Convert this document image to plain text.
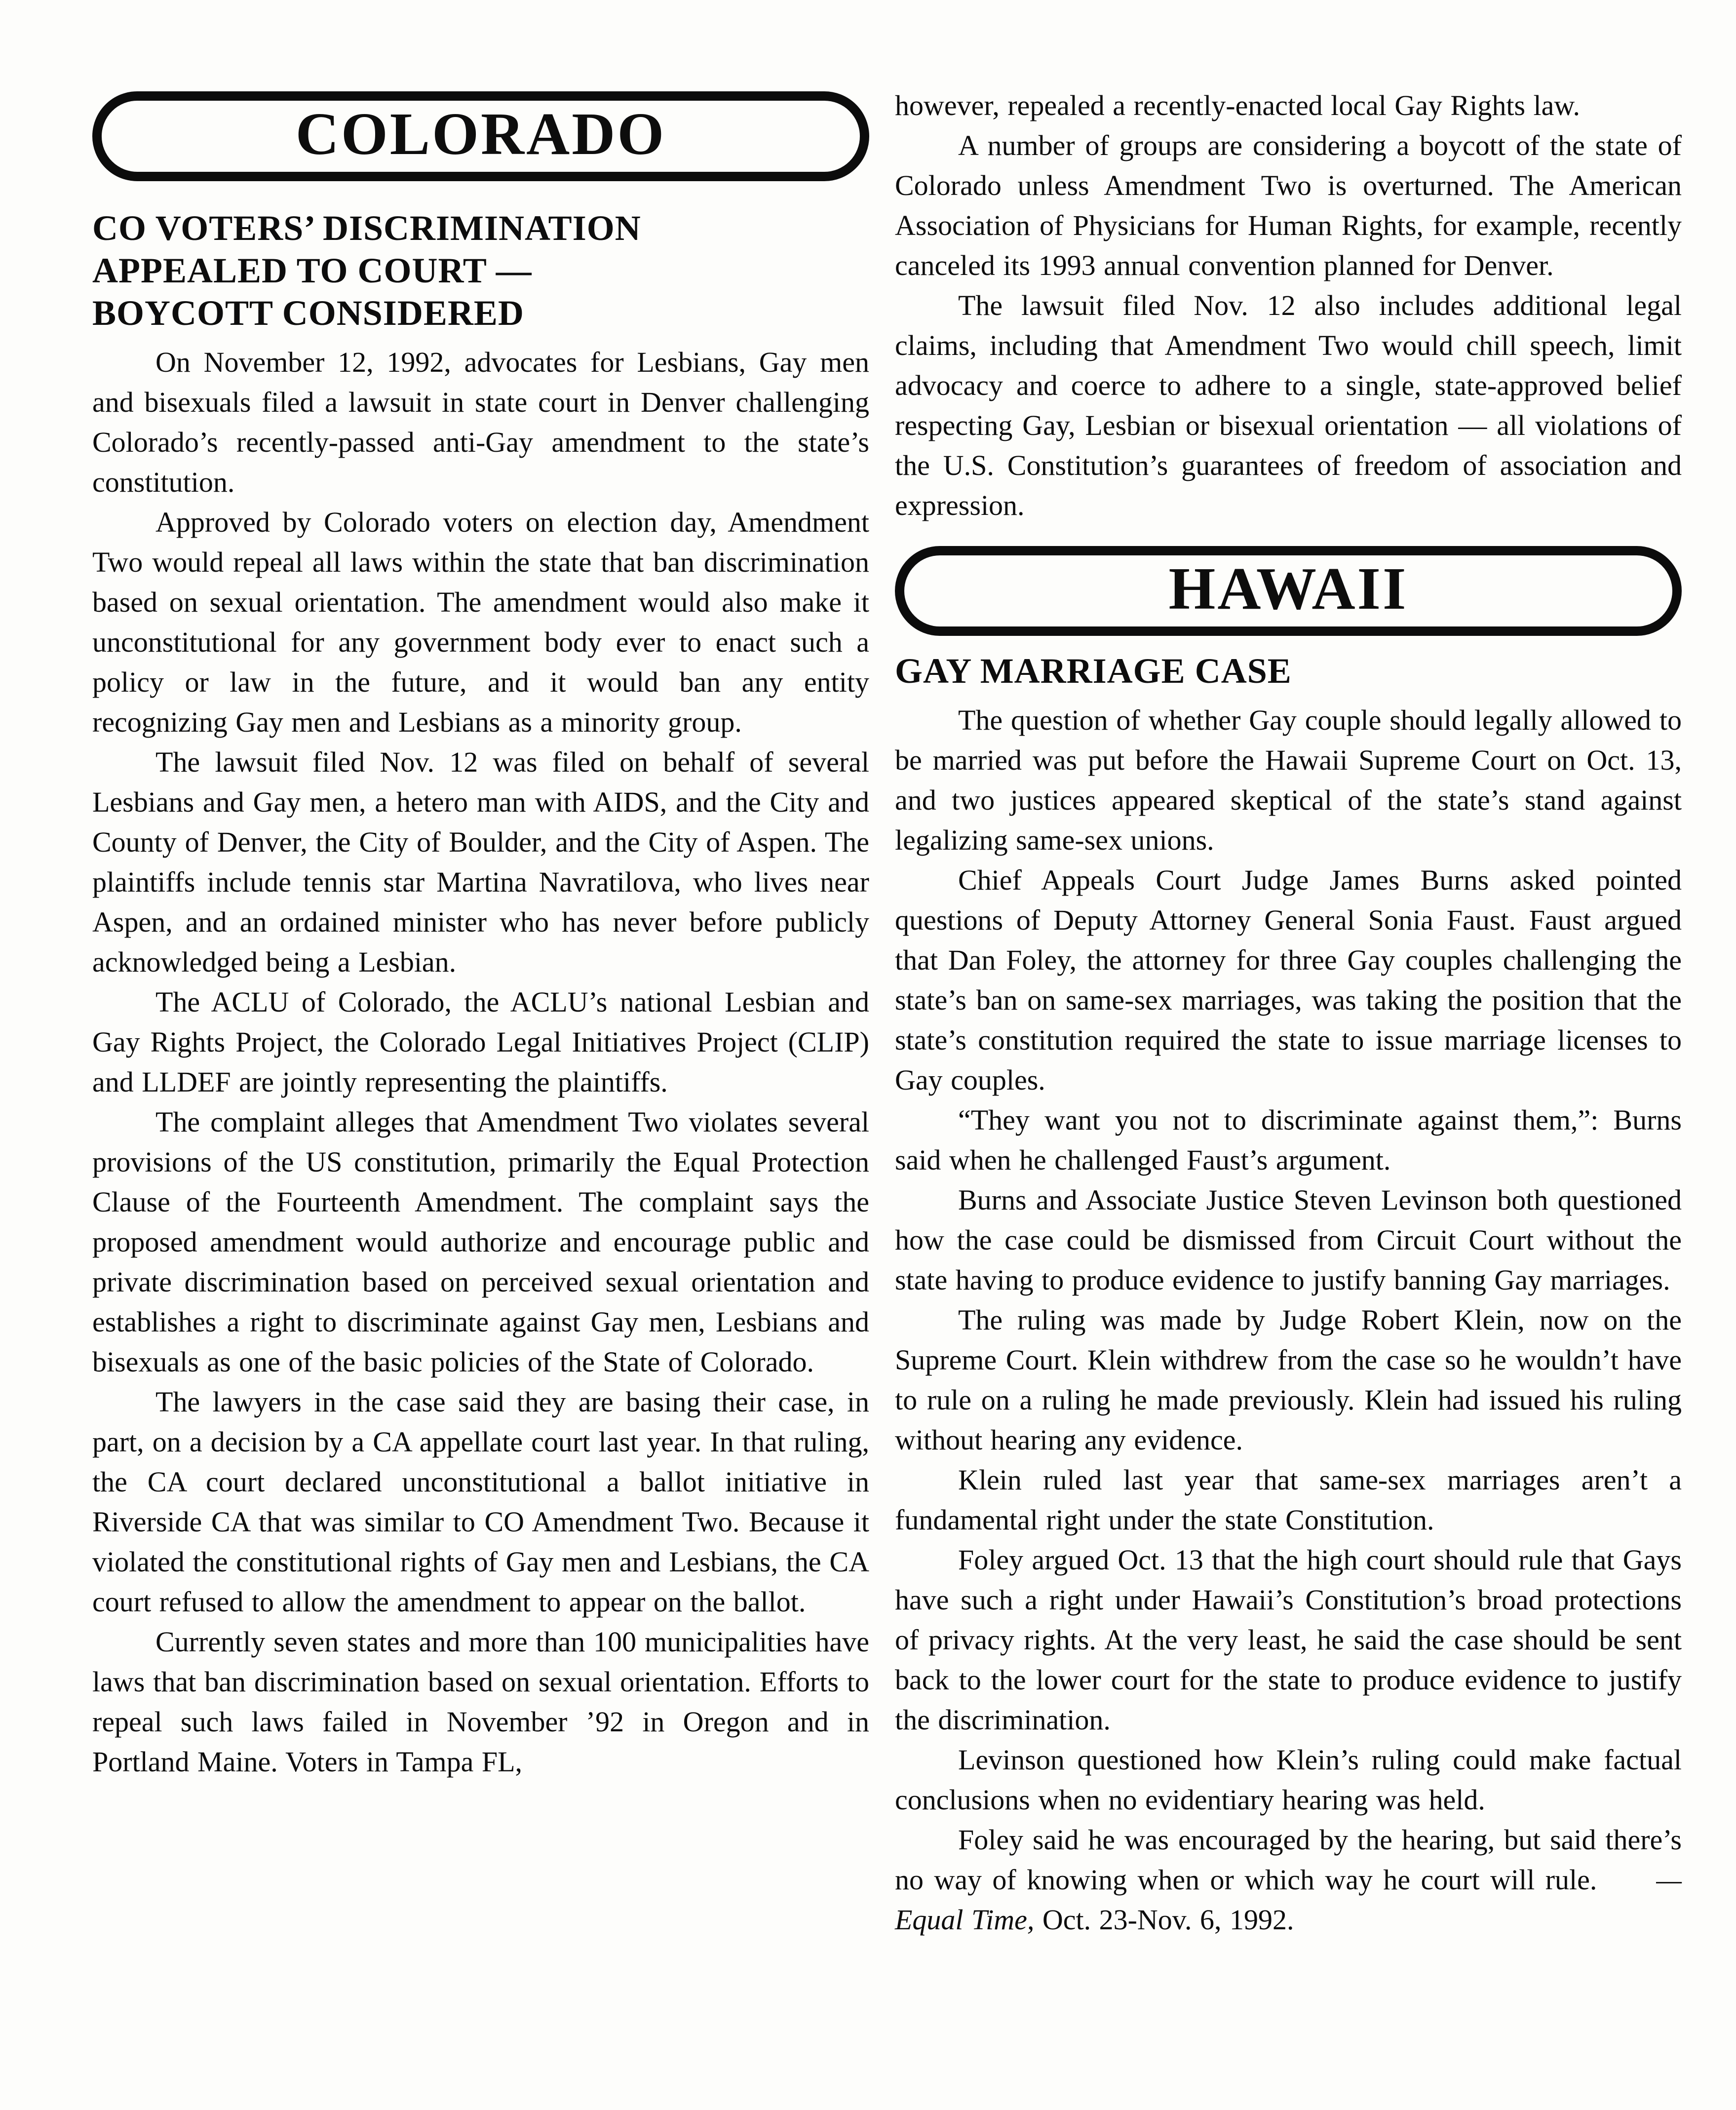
COLORADO
CO VOTERS’ DISCRIMINATION
APPEALED TO COURT —
BOYCOTT CONSIDERED

On November 12, 1992, advocates for Lesbians, Gay men and bisexuals filed a lawsuit in state court in Denver challenging Colorado’s recently-passed anti-Gay amendment to the state’s constitution.

Approved by Colorado voters on election day, Amendment Two would repeal all laws within the state that ban discrimination based on sexual orientation. The amendment would also make it unconstitutional for any government body ever to enact such a policy or law in the future, and it would ban any entity recognizing Gay men and Lesbians as a minority group.

The lawsuit filed Nov. 12 was filed on behalf of several Lesbians and Gay men, a hetero man with AIDS, and the City and County of Denver, the City of Boulder, and the City of Aspen. The plaintiffs include tennis star Martina Navratilova, who lives near Aspen, and an ordained minister who has never before publicly acknowledged being a Lesbian.

The ACLU of Colorado, the ACLU’s national Lesbian and Gay Rights Project, the Colorado Legal Initiatives Project (CLIP) and LLDEF are jointly representing the plaintiffs.

The complaint alleges that Amendment Two violates several provisions of the US constitution, primarily the Equal Protection Clause of the Fourteenth Amendment. The complaint says the proposed amendment would authorize and encourage public and private discrimination based on perceived sexual orientation and establishes a right to discriminate against Gay men, Lesbians and bisexuals as one of the basic policies of the State of Colorado.

The lawyers in the case said they are basing their case, in part, on a decision by a CA appellate court last year. In that ruling, the CA court declared unconstitutional a ballot initiative in Riverside CA that was similar to CO Amendment Two. Because it violated the constitutional rights of Gay men and Lesbians, the CA court refused to allow the amendment to appear on the ballot.

Currently seven states and more than 100 municipalities have laws that ban discrimination based on sexual orientation. Efforts to repeal such laws failed in November ’92 in Oregon and in Portland Maine. Voters in Tampa FL,

however, repealed a recently-enacted local Gay Rights law.

A number of groups are considering a boycott of the state of Colorado unless Amendment Two is overturned. The American Association of Physicians for Human Rights, for example, recently canceled its 1993 annual convention planned for Denver.

The lawsuit filed Nov. 12 also includes additional legal claims, including that Amendment Two would chill speech, limit advocacy and coerce to adhere to a single, state-approved belief respecting Gay, Lesbian or bisexual orientation — all violations of the U.S. Constitution’s guarantees of freedom of association and expression.

HAWAII
GAY MARRIAGE CASE

The question of whether Gay couple should legally allowed to be married was put before the Hawaii Supreme Court on Oct. 13, and two justices appeared skeptical of the state’s stand against legalizing same-sex unions.

Chief Appeals Court Judge James Burns asked pointed questions of Deputy Attorney General Sonia Faust. Faust argued that Dan Foley, the attorney for three Gay couples challenging the state’s ban on same-sex marriages, was taking the position that the state’s constitution required the state to issue marriage licenses to Gay couples.

“They want you not to discriminate against them,”: Burns said when he challenged Faust’s argument.

Burns and Associate Justice Steven Levinson both questioned how the case could be dismissed from Circuit Court without the state having to produce evidence to justify banning Gay marriages.

The ruling was made by Judge Robert Klein, now on the Supreme Court. Klein withdrew from the case so he wouldn’t have to rule on a ruling he made previously. Klein had issued his ruling without hearing any evidence.

Klein ruled last year that same-sex marriages aren’t a fundamental right under the state Constitution.

Foley argued Oct. 13 that the high court should rule that Gays have such a right under Hawaii’s Constitution’s broad protections of privacy rights. At the very least, he said the case should be sent back to the lower court for the state to produce evidence to justify the discrimination.

Levinson questioned how Klein’s ruling could make factual conclusions when no evidentiary hearing was held.

Foley said he was encouraged by the hearing, but said there’s no way of knowing when or which way he court will rule. — Equal Time, Oct. 23-Nov. 6, 1992.
